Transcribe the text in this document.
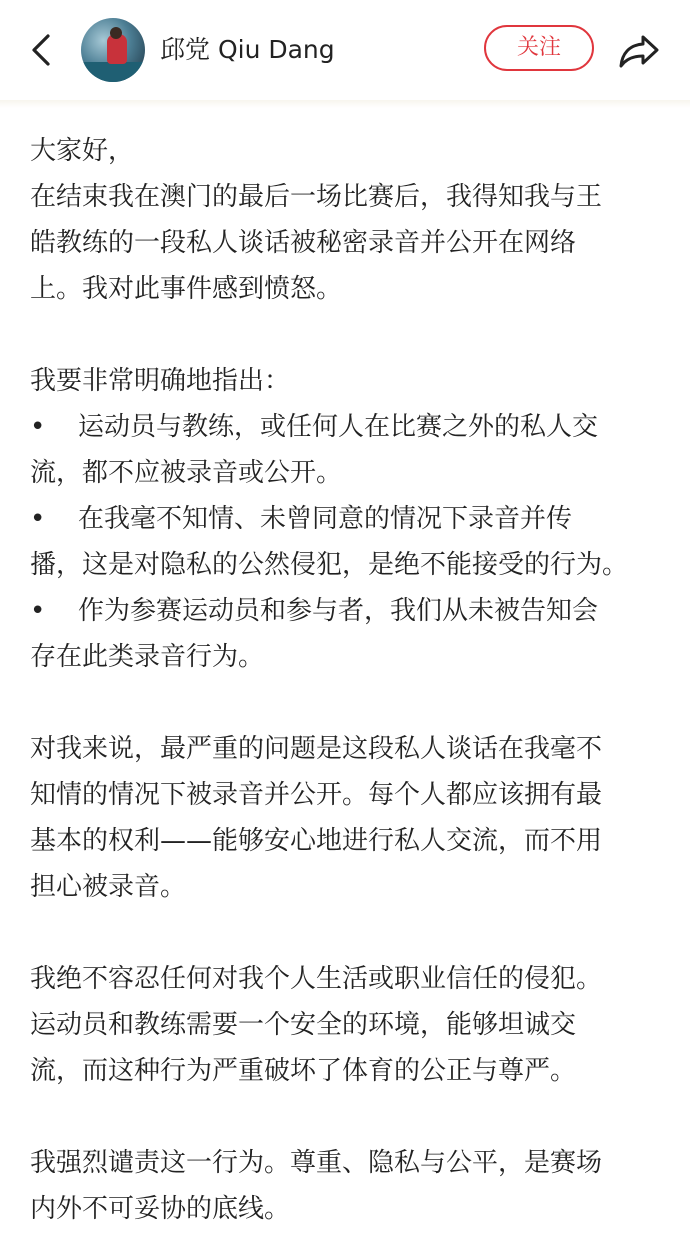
邱党 Qiu Dang	关注

大家好，

在结束我在澳门的最后一场比赛后，我得知我与王

皓教练的一段私人谈话被秘密录音并公开在网络

上。我对此事件感到愤怒。

我要非常明确地指出：

• 运动员与教练，或任何人在比赛之外的私人交

流，都不应被录音或公开。

• 在我毫不知情、未曾同意的情况下录音并传

播，这是对隐私的公然侵犯，是绝不能接受的行为。

• 作为参赛运动员和参与者，我们从未被告知会

存在此类录音行为。

对我来说，最严重的问题是这段私人谈话在我毫不

知情的情况下被录音并公开。每个人都应该拥有最

基本的权利——能够安心地进行私人交流，而不用

担心被录音。

我绝不容忍任何对我个人生活或职业信任的侵犯。

运动员和教练需要一个安全的环境，能够坦诚交

流，而这种行为严重破坏了体育的公正与尊严。

我强烈谴责这一行为。尊重、隐私与公平，是赛场

内外不可妥协的底线。
